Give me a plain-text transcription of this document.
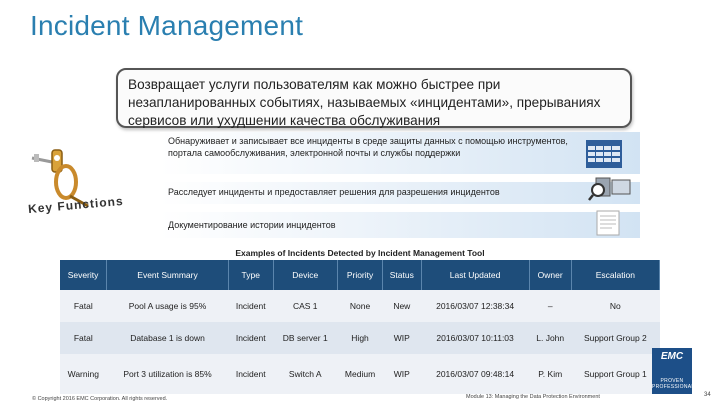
Incident Management
Возвращает услуги пользователям как можно быстрее при незапланированных событиях, называемых «инцидентами», прерываниях сервисов или ухудшении качества обслуживания
Key Functions
Обнаруживает и записывает все инциденты в среде защиты данных с помощью инструментов, портала самообслуживания, электронной почты и службы поддержки
Расследует инциденты и предоставляет решения для разрешения инцидентов
Документирование истории инцидентов
Examples of Incidents Detected by Incident Management Tool
Severity	Event Summary	Type	Device	Priority	Status	Last Updated	Owner	Escalation
Fatal	Pool A usage is 95%	Incident	CAS 1	None	New	2016/03/07 12:38:34	–	No
Fatal	Database 1 is down	Incident	DB server 1	High	WIP	2016/03/07 10:11:03	L. John	Support Group 2
Warning	Port 3 utilization is 85%	Incident	Switch A	Medium	WIP	2016/03/07 09:48:14	P. Kim	Support Group 1
EMC
PROVEN PROFESSIONAL
© Copyright 2016 EMC Corporation. All rights reserved.	Module 13: Managing the Data Protection Environment	34
